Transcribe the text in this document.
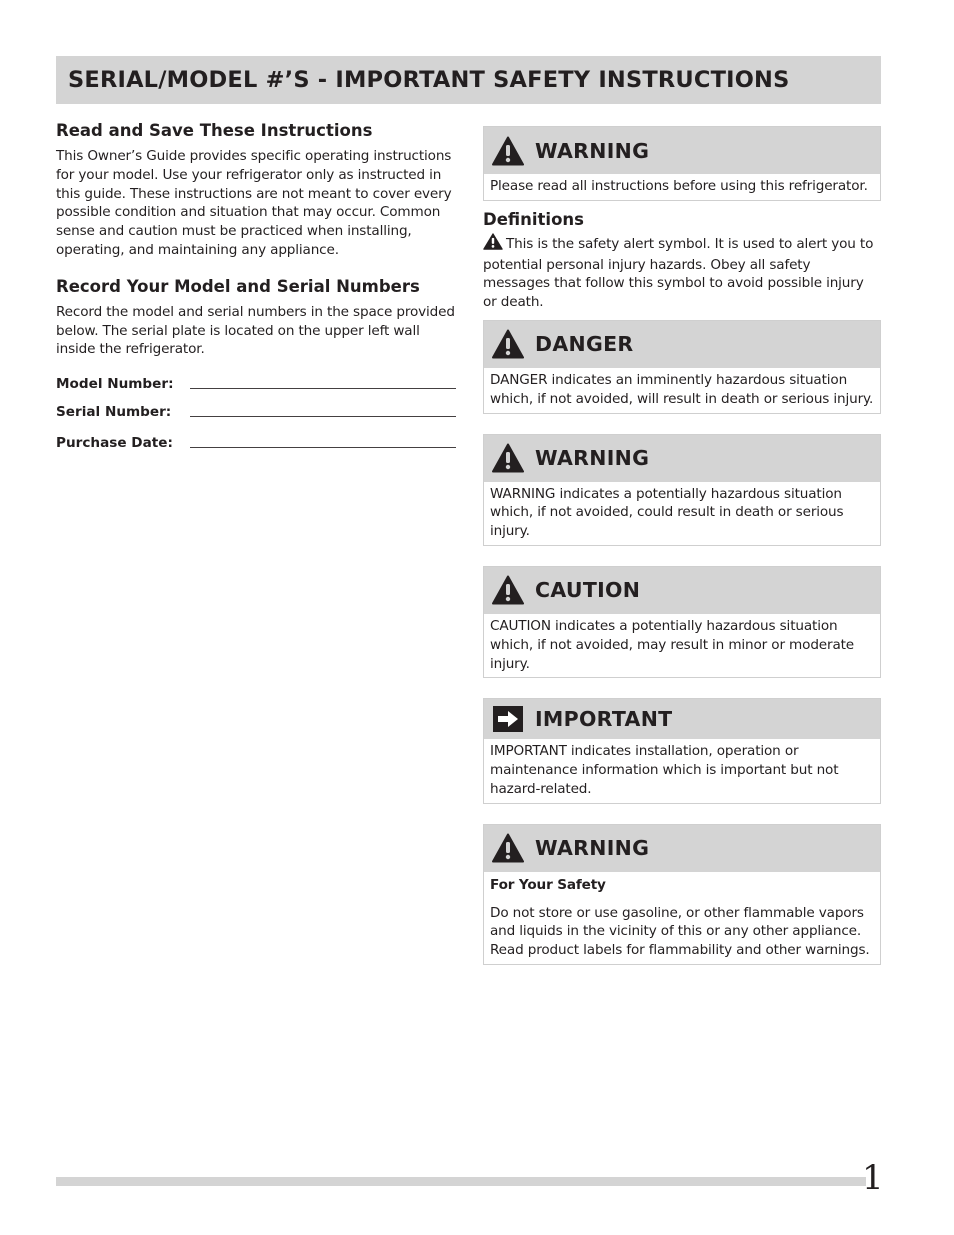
SERIAL/MODEL #’S - IMPORTANT SAFETY INSTRUCTIONS
Read and Save These Instructions

This Owner’s Guide provides specific operating instructions for your model. Use your refrigerator only as instructed in this guide. These instructions are not meant to cover every possible condition and situation that may occur. Common sense and caution must be practiced when installing, operating, and maintaining any appliance.

Record Your Model and Serial Numbers

Record the model and serial numbers in the space provided below. The serial plate is located on the upper left wall inside the refrigerator.

Model Number:
Serial Number:
Purchase Date:
WARNING
Please read all instructions before using this refrigerator.
Definitions
This is the safety alert symbol. It is used to alert you to potential personal injury hazards. Obey all safety messages that follow this symbol to avoid possible injury or death.
DANGER
DANGER indicates an imminently hazardous situation which, if not avoided, will result in death or serious injury.
WARNING
WARNING indicates a potentially hazardous situation which, if not avoided, could result in death or serious injury.
CAUTION
CAUTION indicates a potentially hazardous situation which, if not avoided, may result in minor or moderate injury.
IMPORTANT
IMPORTANT indicates installation, operation or maintenance information which is important but not hazard-related.
WARNING
For Your Safety
Do not store or use gasoline, or other flammable vapors and liquids in the vicinity of this or any other appliance. Read product labels for flammability and other warnings.
1
